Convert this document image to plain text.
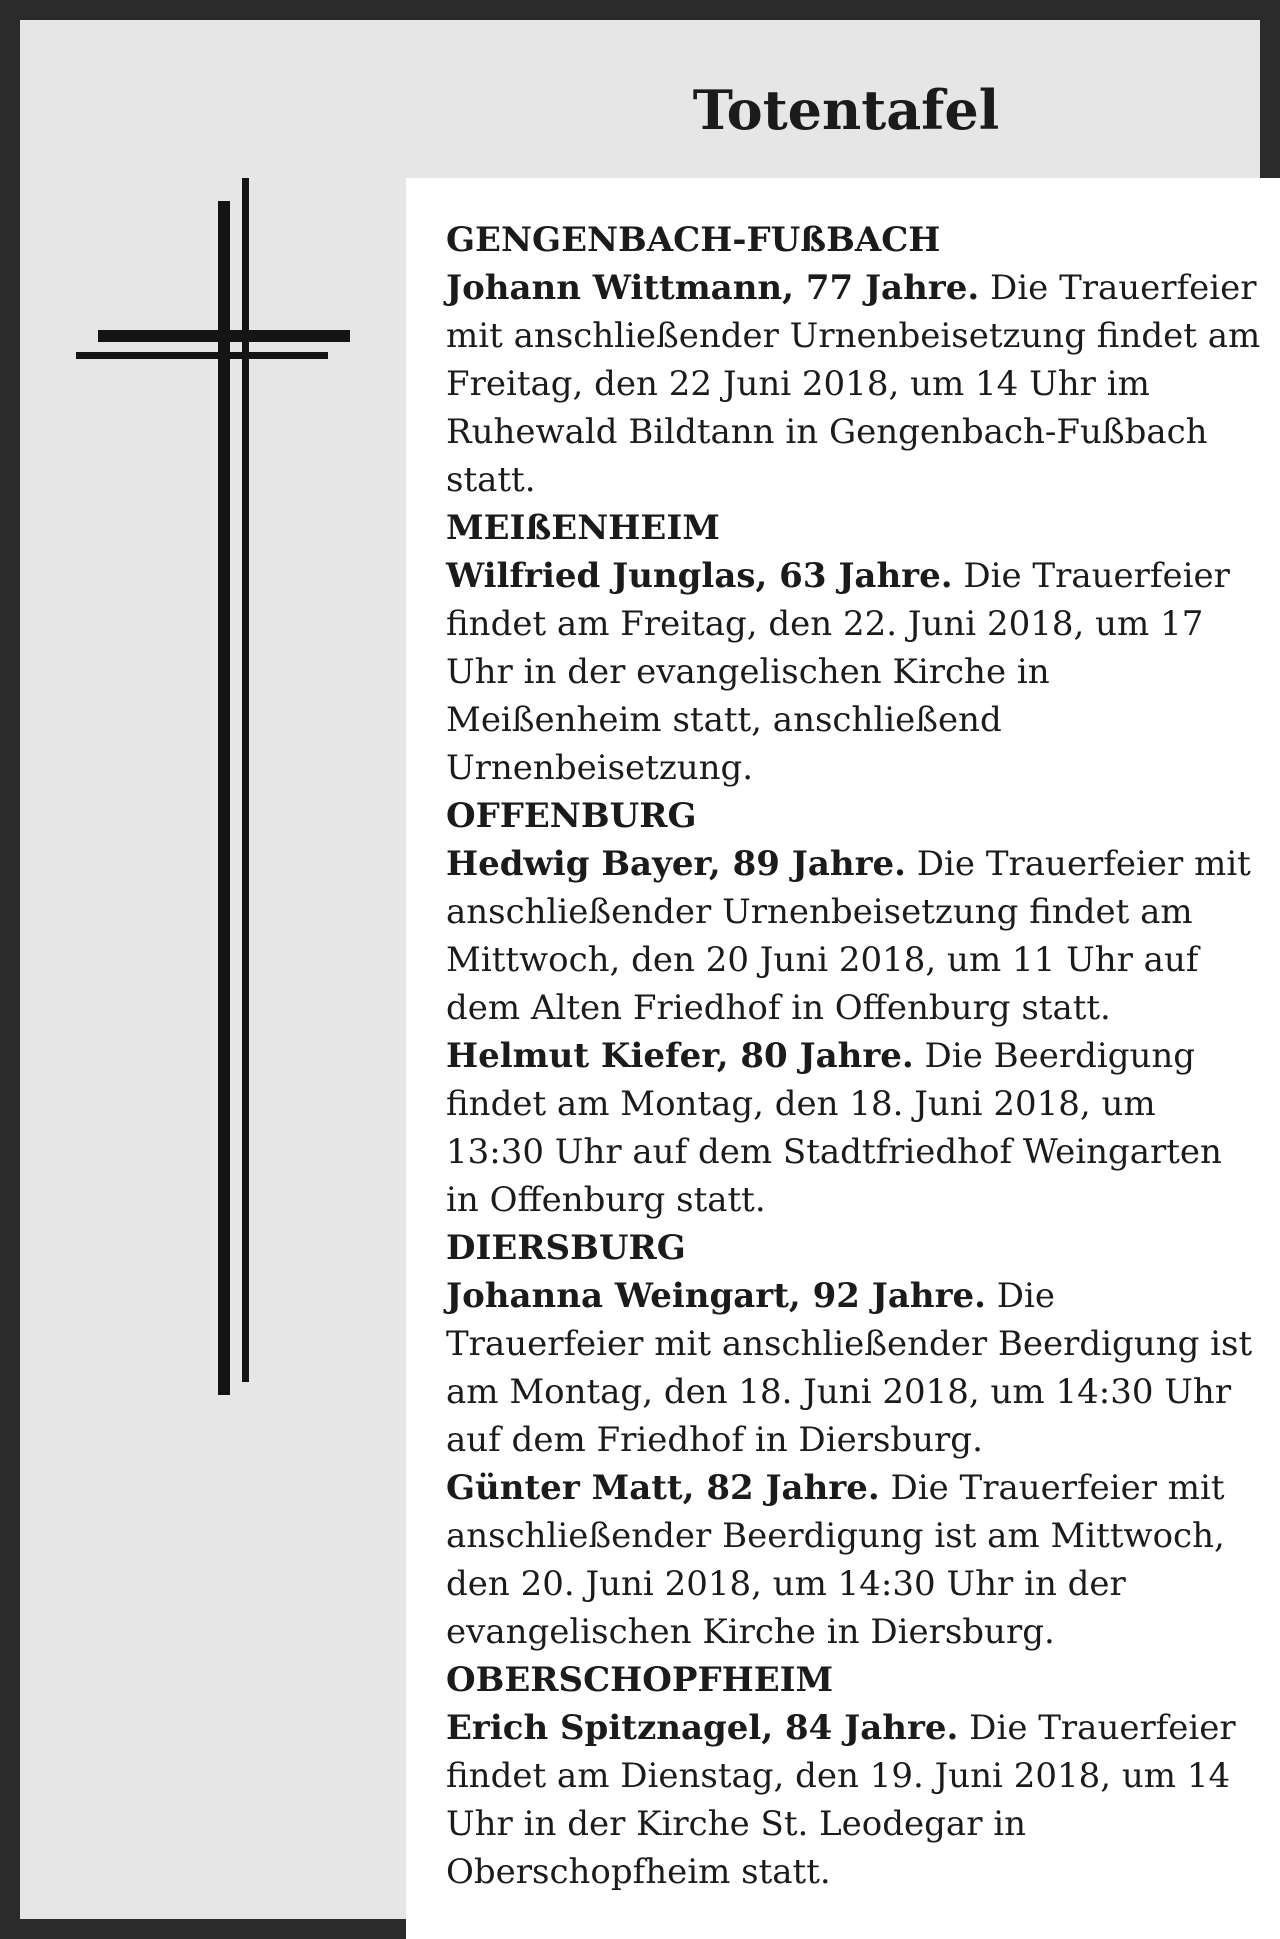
Totentafel
GENGENBACH-FUßBACH

Johann Wittmann, 77 Jahre. Die Trauerfeier mit anschließender Urnenbeisetzung findet am Freitag, den 22 Juni 2018, um 14 Uhr im Ruhewald Bildtann in Gengenbach-Fußbach statt.

MEIßENHEIM

Wilfried Junglas, 63 Jahre. Die Trauerfeier findet am Freitag, den 22. Juni 2018, um 17 Uhr in der evangelischen Kirche in Meißenheim statt, anschließend Urnenbeisetzung.

OFFENBURG

Hedwig Bayer, 89 Jahre. Die Trauerfeier mit anschließender Urnenbeisetzung findet am Mittwoch, den 20 Juni 2018, um 11 Uhr auf dem Alten Friedhof in Offenburg statt.

Helmut Kiefer, 80 Jahre. Die Beerdigung findet am Montag, den 18. Juni 2018, um 13:30 Uhr auf dem Stadtfriedhof Weingarten in Offenburg statt.

DIERSBURG

Johanna Weingart, 92 Jahre. Die Trauerfeier mit anschließender Beerdigung ist am Montag, den 18. Juni 2018, um 14:30 Uhr auf dem Friedhof in Diersburg.

Günter Matt, 82 Jahre. Die Trauerfeier mit anschließender Beerdigung ist am Mittwoch, den 20. Juni 2018, um 14:30 Uhr in der evangelischen Kirche in Diersburg.

OBERSCHOPFHEIM

Erich Spitznagel, 84 Jahre. Die Trauerfeier findet am Dienstag, den 19. Juni 2018, um 14 Uhr in der Kirche St. Leodegar in Oberschopfheim statt.
